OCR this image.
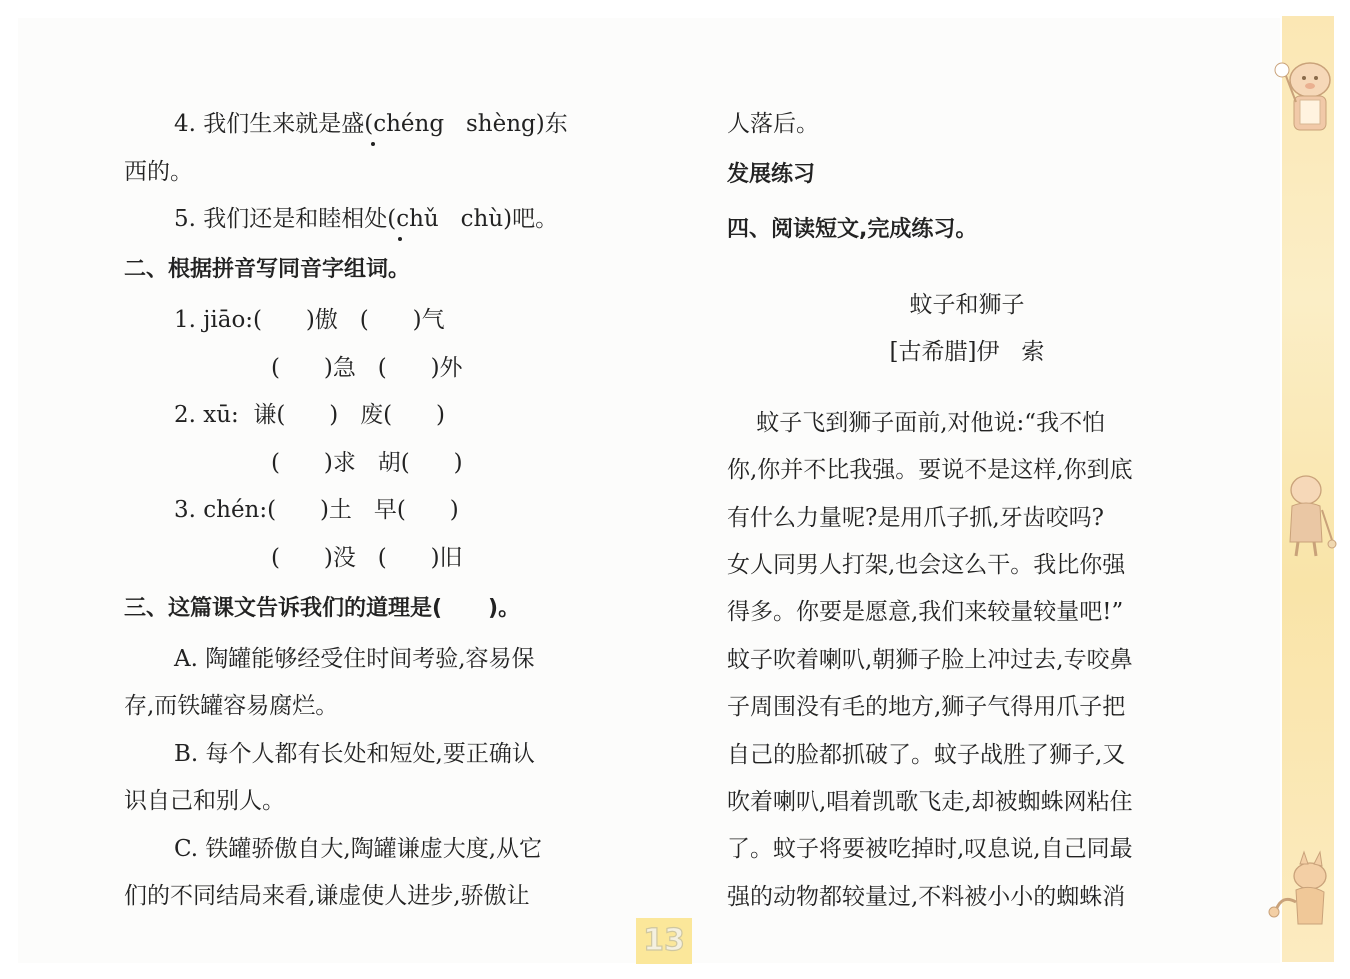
4. 我们生来就是盛(chéng   shèng)东
西的。
5. 我们还是和睦相处(chǔ   chù)吧。
二、根据拼音写同音字组词。
1. jiāo:(      )傲   (      )气
(      )急   (      )外
2. xū:  谦(      )   废(      )
(      )求   胡(      )
3. chén:(      )土   早(      )
(      )没   (      )旧
三、这篇课文告诉我们的道理是(      )。
A. 陶罐能够经受住时间考验,容易保
存,而铁罐容易腐烂。
B. 每个人都有长处和短处,要正确认
识自己和别人。
C. 铁罐骄傲自大,陶罐谦虚大度,从它
们的不同结局来看,谦虚使人进步,骄傲让
人落后。
发展练习
四、阅读短文,完成练习。
蚊子和狮子
[古希腊]伊   索
蚊子飞到狮子面前,对他说:“我不怕
你,你并不比我强。要说不是这样,你到底
有什么力量呢?是用爪子抓,牙齿咬吗?
女人同男人打架,也会这么干。我比你强
得多。你要是愿意,我们来较量较量吧!”
蚊子吹着喇叭,朝狮子脸上冲过去,专咬鼻
子周围没有毛的地方,狮子气得用爪子把
自己的脸都抓破了。蚊子战胜了狮子,又
吹着喇叭,唱着凯歌飞走,却被蜘蛛网粘住
了。蚊子将要被吃掉时,叹息说,自己同最
强的动物都较量过,不料被小小的蜘蛛消
13
